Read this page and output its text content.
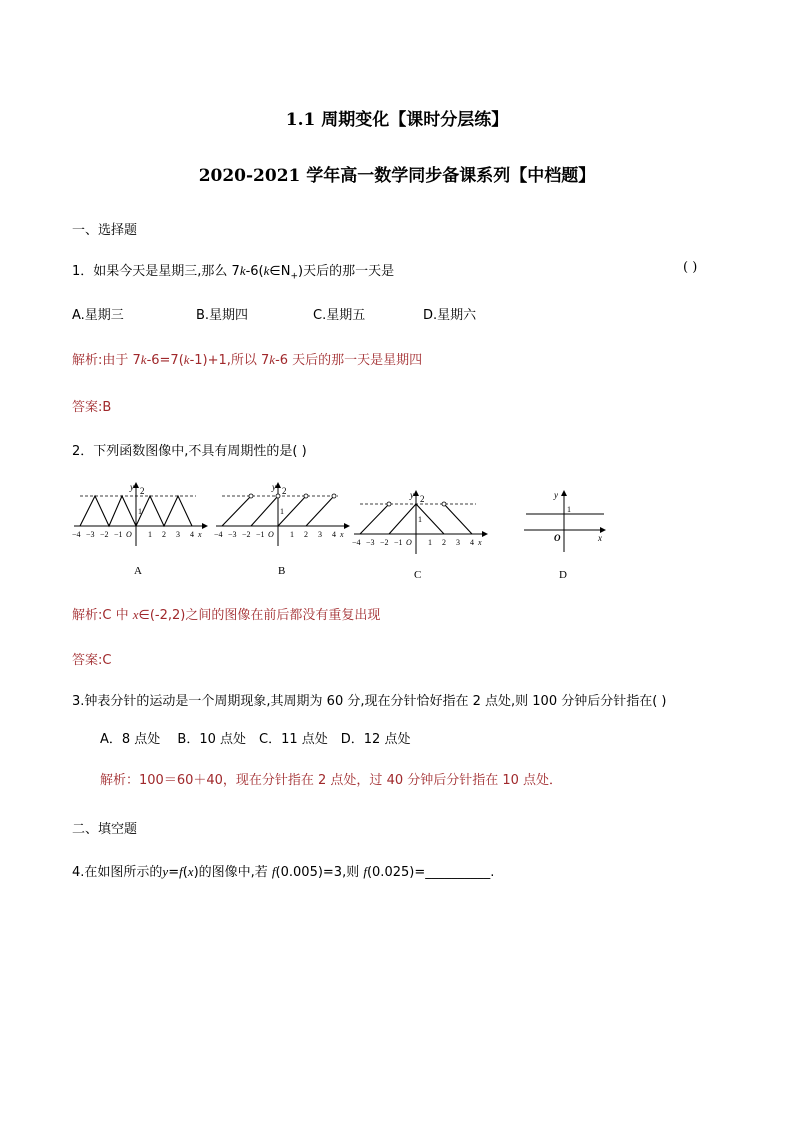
1.1 周期变化【课时分层练】
2020-2021 学年高一数学同步备课系列【中档题】
一、选择题
1．如果今天是星期三,那么 $7k-6(k\in N_+)$天后的那一天是	( )
A.星期三	B.星期四	C.星期五	D.星期六
解析:由于 7k-6=7(k-1)+1,所以 7k-6 天后的那一天是星期四
答案:B
2．下列函数图像中,不具有周期性的是( )
y 2
1
−4 −3 −2 −1 O 1 2 3 4 x
A
y 2
1
−4 −3 −2 −1 O 1 2 3 4 x
B
y 2
1
−4 −3 −2 −1 O 1 2 3 4 x
C
y
1
O	x
D
解析:C 中 x∈(-2,2)之间的图像在前后都没有重复出现
答案:C
3.钟表分针的运动是一个周期现象,其周期为 60 分,现在分针恰好指在 2 点处,则 100 分钟后分针指在( )
A．8 点处　 B．10 点处　C．11 点处　D．12 点处
解析：100＝60＋40，现在分针指在 2 点处，过 40 分钟后分针指在 10 点处．
二、填空题
4.在如图所示的y=f(x)的图像中,若 f(0.005)=3,则 f(0.025)=__________.
